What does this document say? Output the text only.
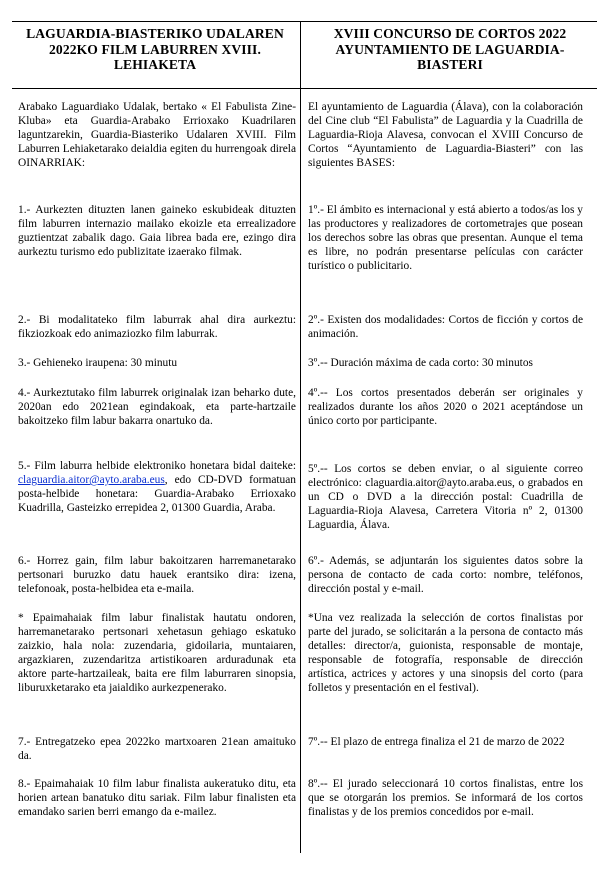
LAGUARDIA-BIASTERIKO UDALAREN 2022KO FILM LABURREN XVIII. LEHIAKETA
XVIII CONCURSO DE CORTOS 2022 AYUNTAMIENTO DE LAGUARDIA-BIASTERI

Arabako Laguardiako Udalak, bertako « El Fabulista Zine-Kluba» eta Guardia-Arabako Errioxako Kuadrilaren laguntzarekin, Guardia-Biasteriko Udalaren XVIII. Film Laburren Lehiaketarako deialdia egiten du hurrengoak direla OINARRIAK:

1.- Aurkezten dituzten lanen gaineko eskubideak dituzten film laburren internazio mailako ekoizle eta errealizadore guztientzat zabalik dago. Gaia librea bada ere, ezingo dira aurkeztu turismo edo publizitate izaerako filmak.

2.- Bi modalitateko film laburrak ahal dira aurkeztu: fikziozkoak edo animaziozko film laburrak.

3.- Gehieneko iraupena: 30 minutu

4.- Aurkeztutako film laburrek originalak izan beharko dute, 2020an edo 2021ean egindakoak, eta parte-hartzaile bakoitzeko film labur bakarra onartuko da.

5.- Film laburra helbide elektroniko honetara bidal daiteke: claguardia.aitor@ayto.araba.eus, edo CD-DVD formatuan posta-helbide honetara: Guardia-Arabako Errioxako Kuadrilla, Gasteizko errepidea 2, 01300 Guardia, Araba.

6.- Horrez gain, film labur bakoitzaren harremanetarako pertsonari buruzko datu hauek erantsiko dira: izena, telefonoak, posta-helbidea eta e-maila.

* Epaimahaiak film labur finalistak hautatu ondoren, harremanetarako pertsonari xehetasun gehiago eskatuko zaizkio, hala nola: zuzendaria, gidoilaria, muntaiaren, argazkiaren, zuzendaritza artistikoaren arduradunak eta aktore parte-hartzaileak, baita ere film laburraren sinopsia, liburuxketarako eta jaialdiko aurkezpenerako.

7.- Entregatzeko epea 2022ko martxoaren 21ean amaituko da.

8.- Epaimahaiak 10 film labur finalista aukeratuko ditu, eta horien artean banatuko ditu sariak. Film labur finalisten eta emandako sarien berri emango da e-mailez.

El ayuntamiento de Laguardia (Álava), con la colaboración del Cine club “El Fabulista” de Laguardia y la Cuadrilla de Laguardia-Rioja Alavesa, convocan el XVIII Concurso de Cortos “Ayuntamiento de Laguardia-Biasteri” con las siguientes BASES:

1º.- El ámbito es internacional y está abierto a todos/as los y las productores y realizadores de cortometrajes que posean los derechos sobre las obras que presentan. Aunque el tema es libre, no podrán presentarse películas con carácter turístico o publicitario.

2º.- Existen dos modalidades: Cortos de ficción y cortos de animación.

3º.-- Duración máxima de cada corto: 30 minutos

4º.-- Los cortos presentados deberán ser originales y realizados durante los años 2020 o 2021 aceptándose un único corto por participante.

5º.-- Los cortos se deben enviar, o al siguiente correo electrónico: claguardia.aitor@ayto.araba.eus, o grabados en un CD o DVD a la dirección postal: Cuadrilla de Laguardia-Rioja Alavesa, Carretera Vitoria nº 2, 01300 Laguardia, Álava.

6º.- Además, se adjuntarán los siguientes datos sobre la persona de contacto de cada corto: nombre, teléfonos, dirección postal y e-mail.

*Una vez realizada la selección de cortos finalistas por parte del jurado, se solicitarán a la persona de contacto más detalles: director/a, guionista, responsable de montaje, responsable de fotografía, responsable de dirección artística, actrices y actores y una sinopsis del corto (para folletos y presentación en el festival).

7º.-- El plazo de entrega finaliza el 21 de marzo de 2022

8º.-- El jurado seleccionará 10 cortos finalistas, entre los que se otorgarán los premios. Se informará de los cortos finalistas y de los premios concedidos por e-mail.
